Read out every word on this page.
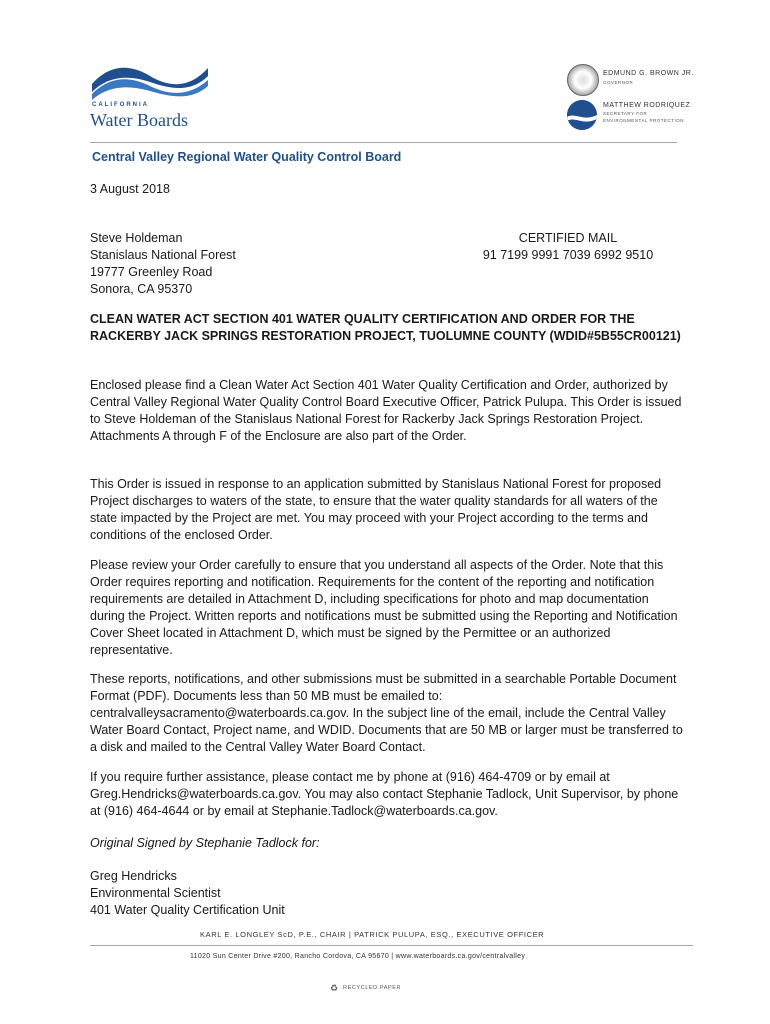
CALIFORNIA
Water Boards
EDMUND G. BROWN JR.
GOVERNOR
MATTHEW RODRIQUEZ
SECRETARY FOR
ENVIRONMENTAL PROTECTION
Central Valley Regional Water Quality Control Board
3 August 2018
Steve Holdeman
Stanislaus National Forest
19777 Greenley Road
Sonora, CA 95370
CERTIFIED MAIL
91 7199 9991 7039 6992 9510
CLEAN WATER ACT SECTION 401 WATER QUALITY CERTIFICATION AND ORDER FOR THE RACKERBY JACK SPRINGS RESTORATION PROJECT, TUOLUMNE COUNTY (WDID#5B55CR00121)
Enclosed please find a Clean Water Act Section 401 Water Quality Certification and Order, authorized by Central Valley Regional Water Quality Control Board Executive Officer, Patrick Pulupa. This Order is issued to Steve Holdeman of the Stanislaus National Forest for Rackerby Jack Springs Restoration Project. Attachments A through F of the Enclosure are also part of the Order.
This Order is issued in response to an application submitted by Stanislaus National Forest for proposed Project discharges to waters of the state, to ensure that the water quality standards for all waters of the state impacted by the Project are met. You may proceed with your Project according to the terms and conditions of the enclosed Order.
Please review your Order carefully to ensure that you understand all aspects of the Order. Note that this Order requires reporting and notification. Requirements for the content of the reporting and notification requirements are detailed in Attachment D, including specifications for photo and map documentation during the Project. Written reports and notifications must be submitted using the Reporting and Notification Cover Sheet located in Attachment D, which must be signed by the Permittee or an authorized representative.
These reports, notifications, and other submissions must be submitted in a searchable Portable Document Format (PDF). Documents less than 50 MB must be emailed to: centralvalleysacramento@waterboards.ca.gov. In the subject line of the email, include the Central Valley Water Board Contact, Project name, and WDID. Documents that are 50 MB or larger must be transferred to a disk and mailed to the Central Valley Water Board Contact.
If you require further assistance, please contact me by phone at (916) 464-4709 or by email at Greg.Hendricks@waterboards.ca.gov. You may also contact Stephanie Tadlock, Unit Supervisor, by phone at (916) 464-4644 or by email at Stephanie.Tadlock@waterboards.ca.gov.
Original Signed by Stephanie Tadlock for:
Greg Hendricks
Environmental Scientist
401 Water Quality Certification Unit
KARL E. LONGLEY ScD, P.E., CHAIR | PATRICK PULUPA, ESQ., EXECUTIVE OFFICER
11020 Sun Center Drive #200, Rancho Cordova, CA 95670 | www.waterboards.ca.gov/centralvalley
♻ RECYCLED PAPER
